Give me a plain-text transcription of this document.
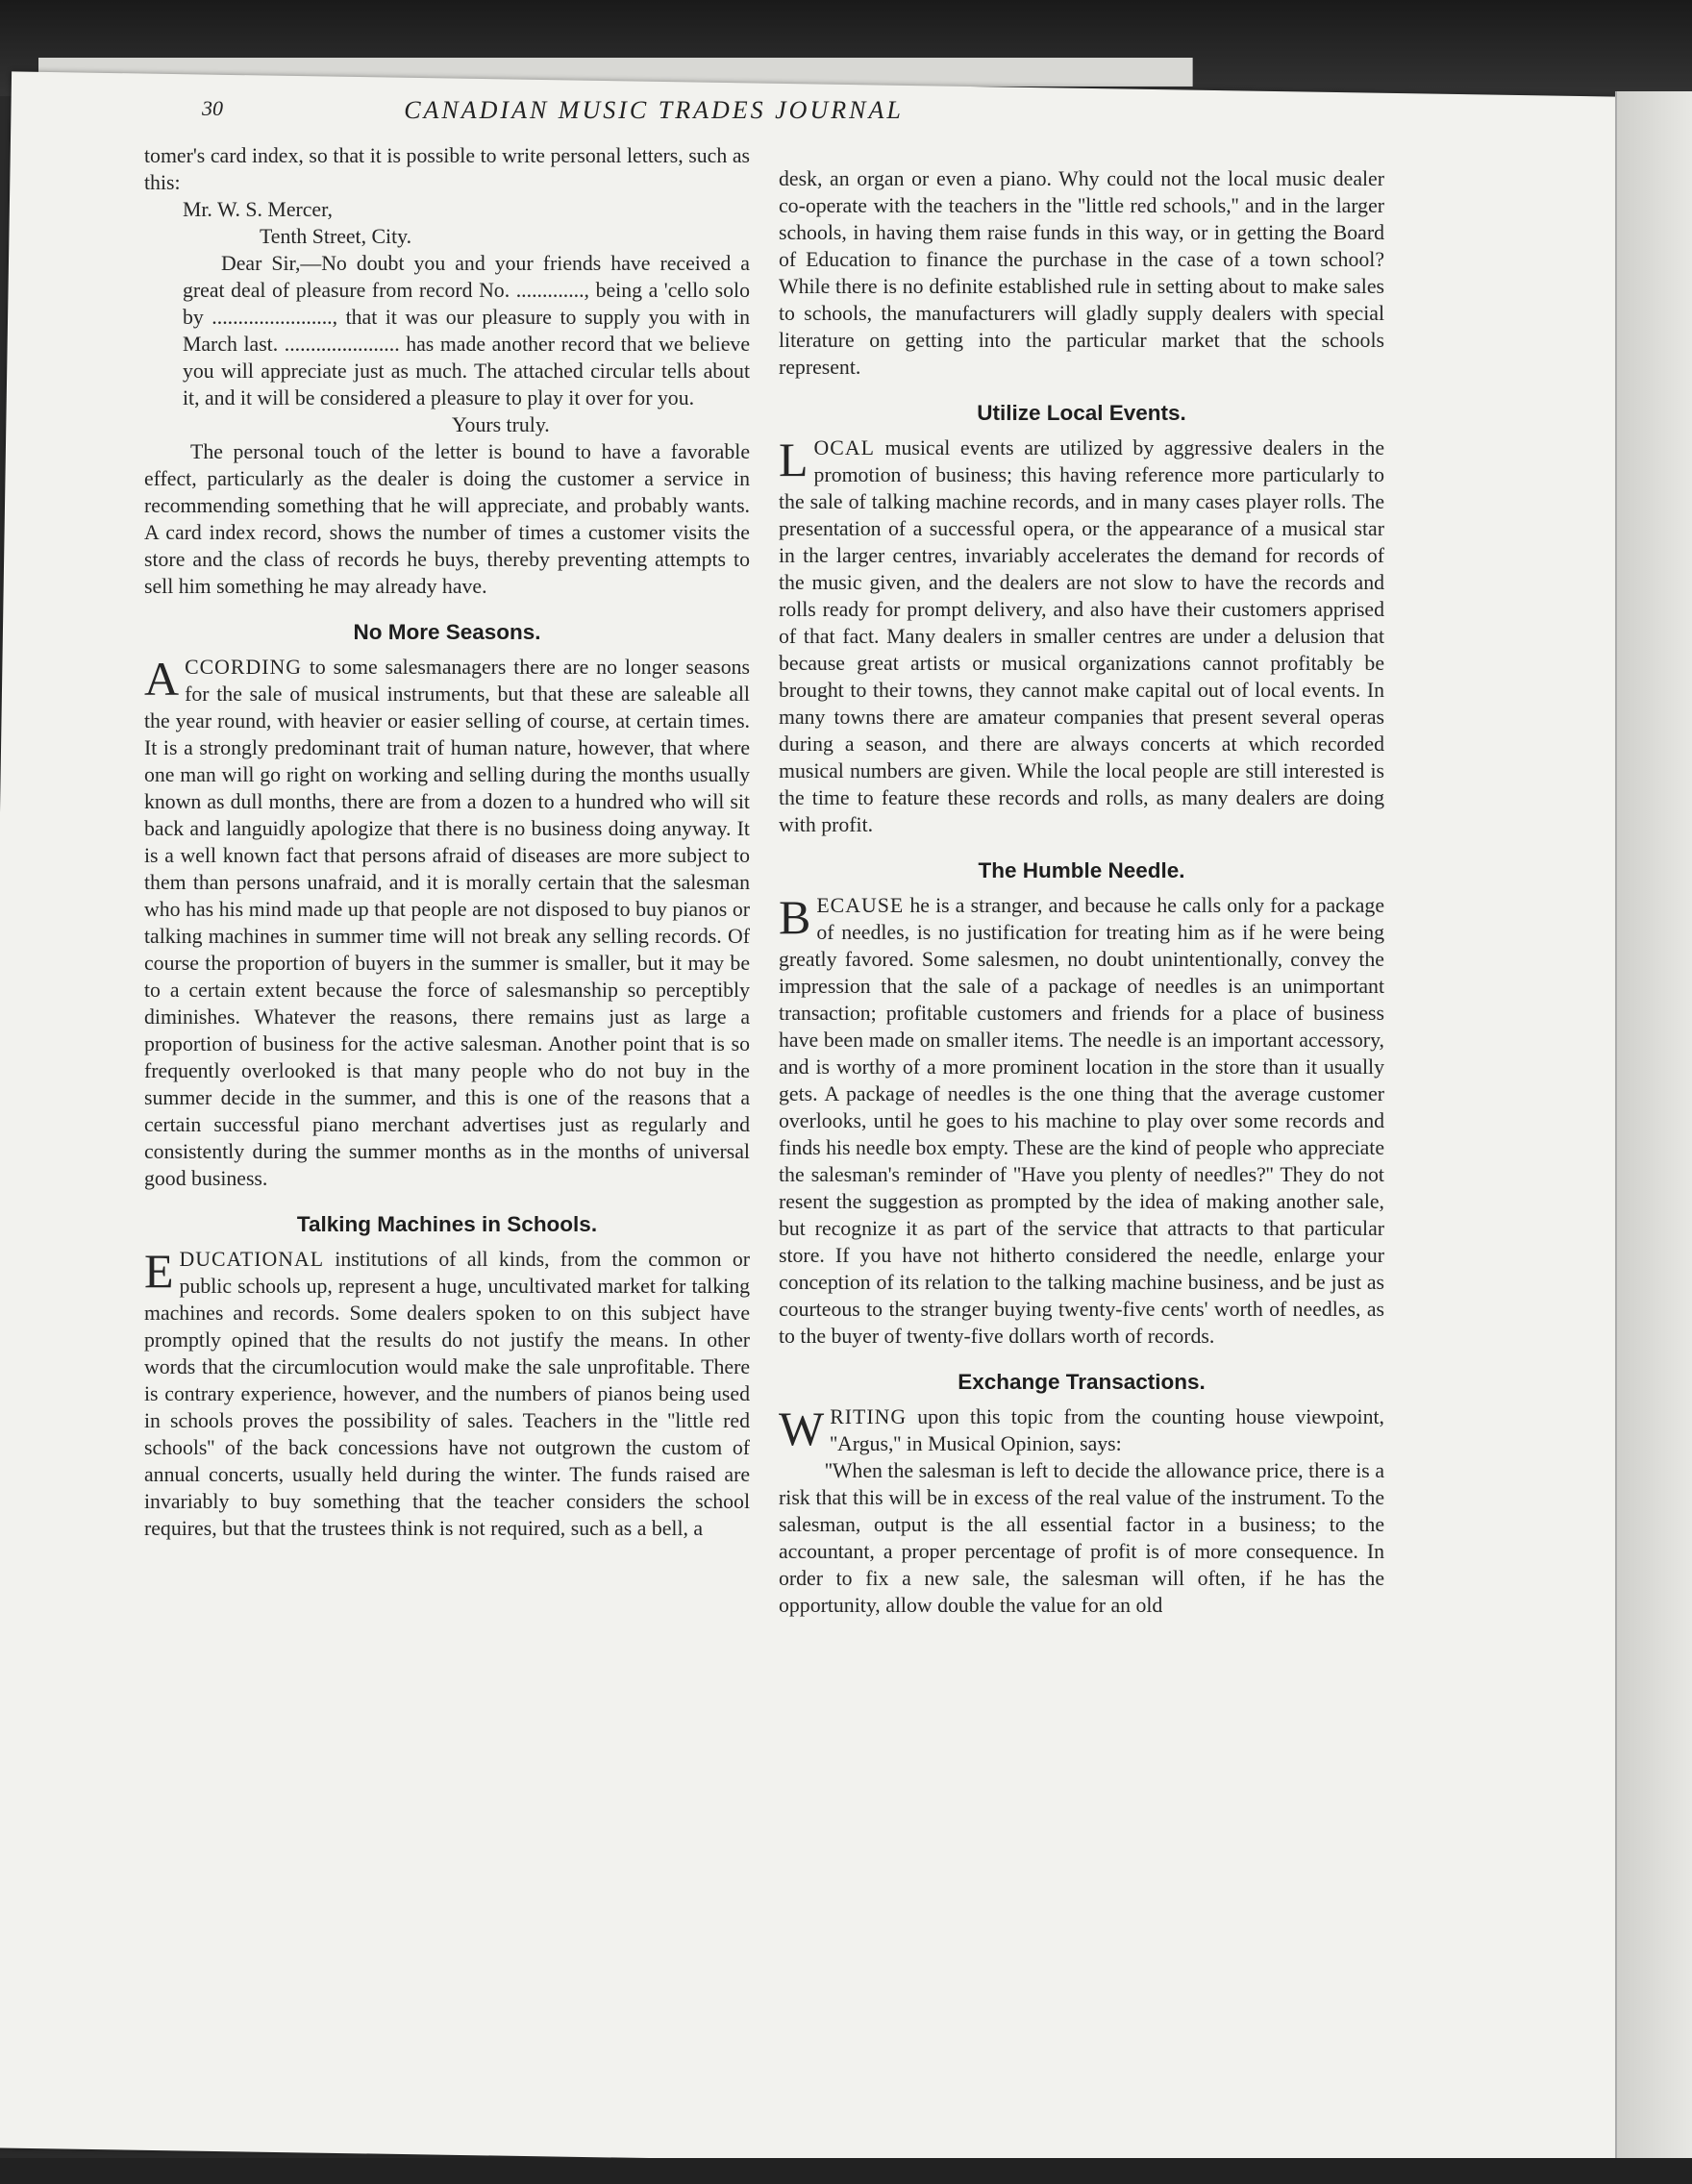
30	CANADIAN MUSIC TRADES JOURNAL

tomer's card index, so that it is possible to write personal letters, such as this:

Mr. W. S. Mercer,
Tenth Street, City.
Dear Sir,—No doubt you and your friends have received a great deal of pleasure from record No. ............., being a 'cello solo by ......................., that it was our pleasure to supply you with in March last. ...................... has made another record that we believe you will appreciate just as much. The attached circular tells about it, and it will be considered a pleasure to play it over for you.
Yours truly.

The personal touch of the letter is bound to have a favorable effect, particularly as the dealer is doing the customer a service in recommending something that he will appreciate, and probably wants. A card index record, shows the number of times a customer visits the store and the class of records he buys, thereby preventing attempts to sell him something he may already have.

No More Seasons.

ACCORDING to some salesmanagers there are no longer seasons for the sale of musical instruments, but that these are saleable all the year round, with heavier or easier selling of course, at certain times. It is a strongly predominant trait of human nature, however, that where one man will go right on working and selling during the months usually known as dull months, there are from a dozen to a hundred who will sit back and languidly apologize that there is no business doing anyway. It is a well known fact that persons afraid of diseases are more subject to them than persons unafraid, and it is morally certain that the salesman who has his mind made up that people are not disposed to buy pianos or talking machines in summer time will not break any selling records. Of course the proportion of buyers in the summer is smaller, but it may be to a certain extent because the force of salesmanship so perceptibly diminishes. Whatever the reasons, there remains just as large a proportion of business for the active salesman. Another point that is so frequently overlooked is that many people who do not buy in the summer decide in the summer, and this is one of the reasons that a certain successful piano merchant advertises just as regularly and consistently during the summer months as in the months of universal good business.

Talking Machines in Schools.

EDUCATIONAL institutions of all kinds, from the common or public schools up, represent a huge, uncultivated market for talking machines and records. Some dealers spoken to on this subject have promptly opined that the results do not justify the means. In other words that the circumlocution would make the sale unprofitable. There is contrary experience, however, and the numbers of pianos being used in schools proves the possibility of sales. Teachers in the ''little red schools'' of the back concessions have not outgrown the custom of annual concerts, usually held during the winter. The funds raised are invariably to buy something that the teacher considers the school requires, but that the trustees think is not required, such as a bell, a

desk, an organ or even a piano. Why could not the local music dealer co-operate with the teachers in the ''little red schools,'' and in the larger schools, in having them raise funds in this way, or in getting the Board of Education to finance the purchase in the case of a town school? While there is no definite established rule in setting about to make sales to schools, the manufacturers will gladly supply dealers with special literature on getting into the particular market that the schools represent.

Utilize Local Events.

LOCAL musical events are utilized by aggressive dealers in the promotion of business; this having reference more particularly to the sale of talking machine records, and in many cases player rolls. The presentation of a successful opera, or the appearance of a musical star in the larger centres, invariably accelerates the demand for records of the music given, and the dealers are not slow to have the records and rolls ready for prompt delivery, and also have their customers apprised of that fact. Many dealers in smaller centres are under a delusion that because great artists or musical organizations cannot profitably be brought to their towns, they cannot make capital out of local events. In many towns there are amateur companies that present several operas during a season, and there are always concerts at which recorded musical numbers are given. While the local people are still interested is the time to feature these records and rolls, as many dealers are doing with profit.

The Humble Needle.

BECAUSE he is a stranger, and because he calls only for a package of needles, is no justification for treating him as if he were being greatly favored. Some salesmen, no doubt unintentionally, convey the impression that the sale of a package of needles is an unimportant transaction; profitable customers and friends for a place of business have been made on smaller items. The needle is an important accessory, and is worthy of a more prominent location in the store than it usually gets. A package of needles is the one thing that the average customer overlooks, until he goes to his machine to play over some records and finds his needle box empty. These are the kind of people who appreciate the salesman's reminder of ''Have you plenty of needles?'' They do not resent the suggestion as prompted by the idea of making another sale, but recognize it as part of the service that attracts to that particular store. If you have not hitherto considered the needle, enlarge your conception of its relation to the talking machine business, and be just as courteous to the stranger buying twenty-five cents' worth of needles, as to the buyer of twenty-five dollars worth of records.

Exchange Transactions.

WRITING upon this topic from the counting house viewpoint, ''Argus,'' in Musical Opinion, says:

''When the salesman is left to decide the allowance price, there is a risk that this will be in excess of the real value of the instrument. To the salesman, output is the all essential factor in a business; to the accountant, a proper percentage of profit is of more consequence. In order to fix a new sale, the salesman will often, if he has the opportunity, allow double the value for an old
